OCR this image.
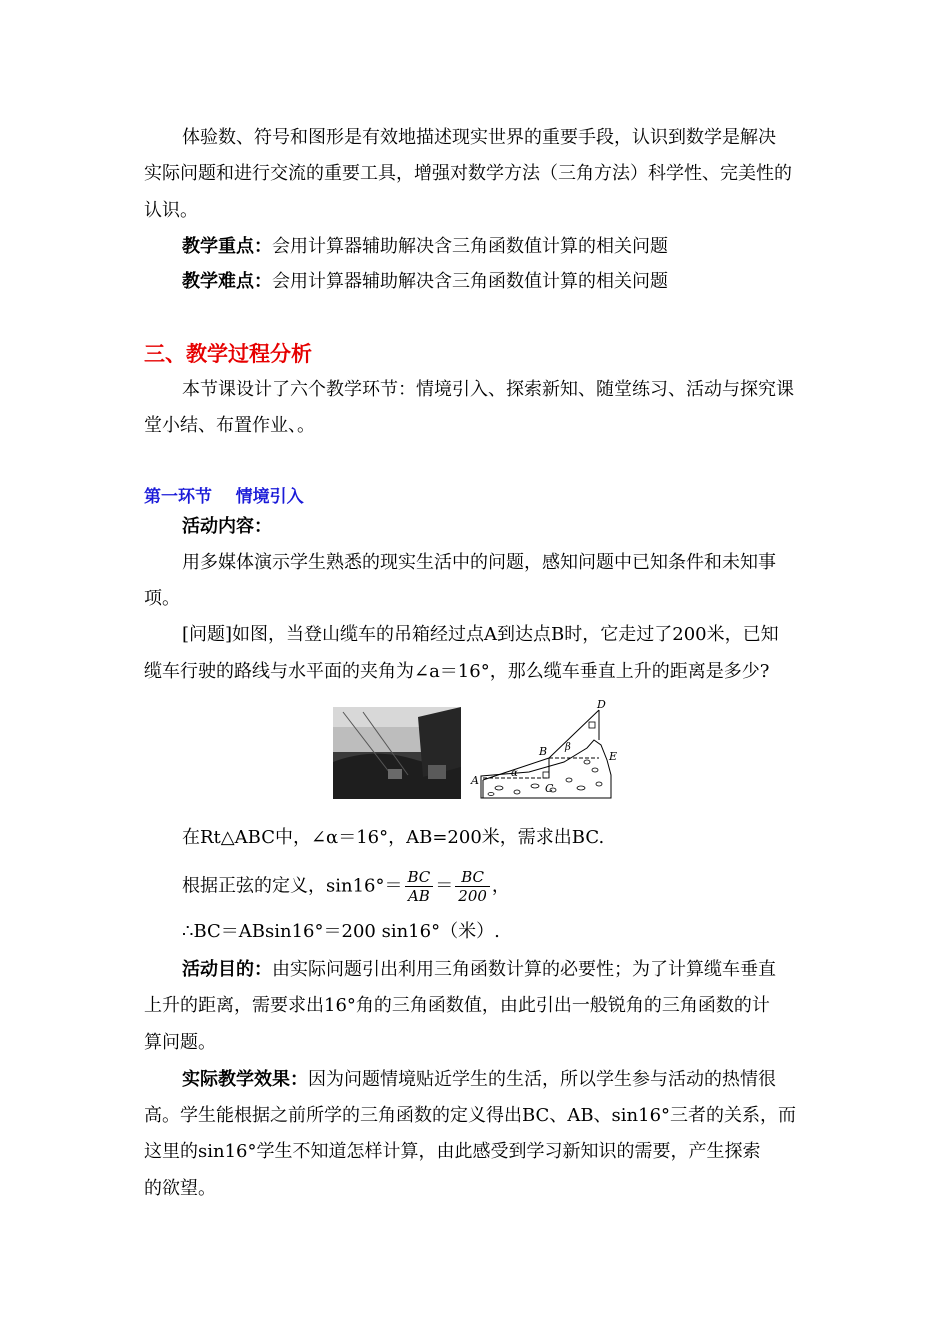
体验数、符号和图形是有效地描述现实世界的重要手段，认识到数学是解决
实际问题和进行交流的重要工具，增强对数学方法（三角方法）科学性、完美性的
认识。
教学重点：会用计算器辅助解决含三角函数值计算的相关问题
教学难点：会用计算器辅助解决含三角函数值计算的相关问题
三、教学过程分析
本节课设计了六个教学环节：情境引入、探索新知、随堂练习、活动与探究课
堂小结、布置作业、。
第一环节    情境引入
活动内容：
用多媒体演示学生熟悉的现实生活中的问题，感知问题中已知条件和未知事
项。
[问题]如图，当登山缆车的吊箱经过点A到达点B时，它走过了200米，已知
缆车行驶的路线与水平面的夹角为∠a＝16°，那么缆车垂直上升的距离是多少?
A
B
C
D
E
α
β
在Rt△ABC中，∠α＝16°，AB=200米，需求出BC.
根据正弦的定义，$\sin 16^\circ= \frac{BC}{AB} = \frac{BC}{200}$ ，
∴BC＝ABsin16°＝200 sin16°（米）.
活动目的：由实际问题引出利用三角函数计算的必要性；为了计算缆车垂直
上升的距离，需要求出16°角的三角函数值，由此引出一般锐角的三角函数的计
算问题。
实际教学效果：因为问题情境贴近学生的生活，所以学生参与活动的热情很
高。学生能根据之前所学的三角函数的定义得出BC、AB、sin16°三者的关系，而
这里的sin16°学生不知道怎样计算，由此感受到学习新知识的需要，产生探索
的欲望。
